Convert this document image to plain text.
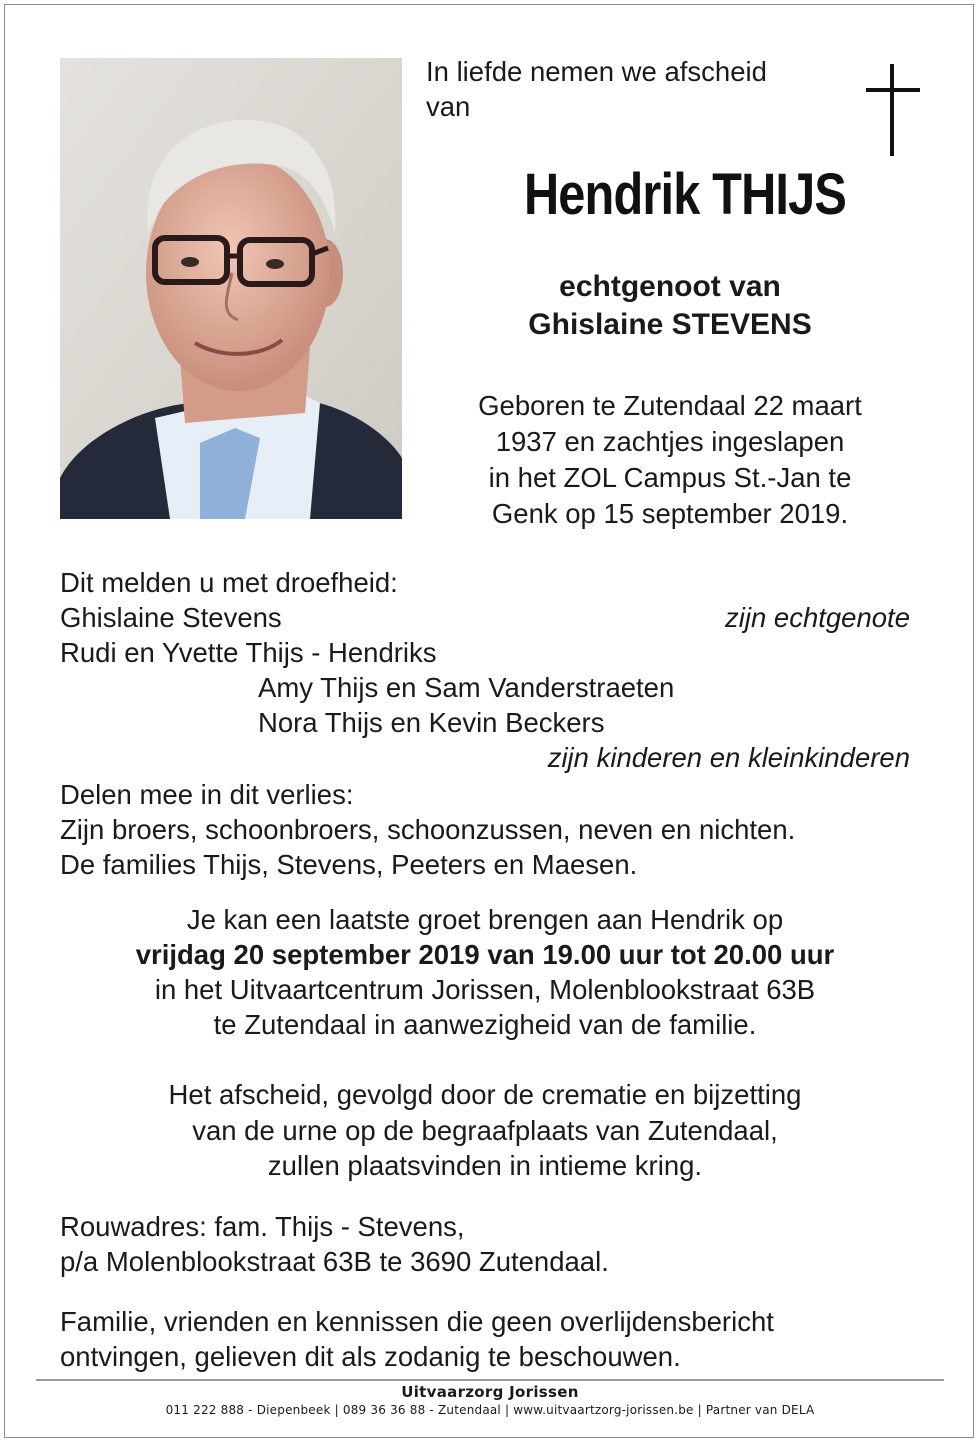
In liefde nemen we afscheid
van
Hendrik THIJS
echtgenoot van
Ghislaine STEVENS
Geboren te Zutendaal 22 maart
1937 en zachtjes ingeslapen
in het ZOL Campus St.-Jan te
Genk op 15 september 2019.
Dit melden u met droefheid:
Ghislaine Stevens	zijn echtgenote
Rudi en Yvette Thijs - Hendriks
Amy Thijs en Sam Vanderstraeten
Nora Thijs en Kevin Beckers
zijn kinderen en kleinkinderen
Delen mee in dit verlies:
Zijn broers, schoonbroers, schoonzussen, neven en nichten.
De families Thijs, Stevens, Peeters en Maesen.
Je kan een laatste groet brengen aan Hendrik op
vrijdag 20 september 2019 van 19.00 uur tot 20.00 uur
in het Uitvaartcentrum Jorissen, Molenblookstraat 63B
te Zutendaal in aanwezigheid van de familie.
Het afscheid, gevolgd door de crematie en bijzetting
van de urne op de begraafplaats van Zutendaal,
zullen plaatsvinden in intieme kring.
Rouwadres: fam. Thijs - Stevens,
p/a Molenblookstraat 63B te 3690 Zutendaal.
Familie, vrienden en kennissen die geen overlijdensbericht
ontvingen, gelieven dit als zodanig te beschouwen.
Uitvaarzorg Jorissen
011 222 888 - Diepenbeek | 089 36 36 88 - Zutendaal | www.uitvaartzorg-jorissen.be | Partner van DELA
